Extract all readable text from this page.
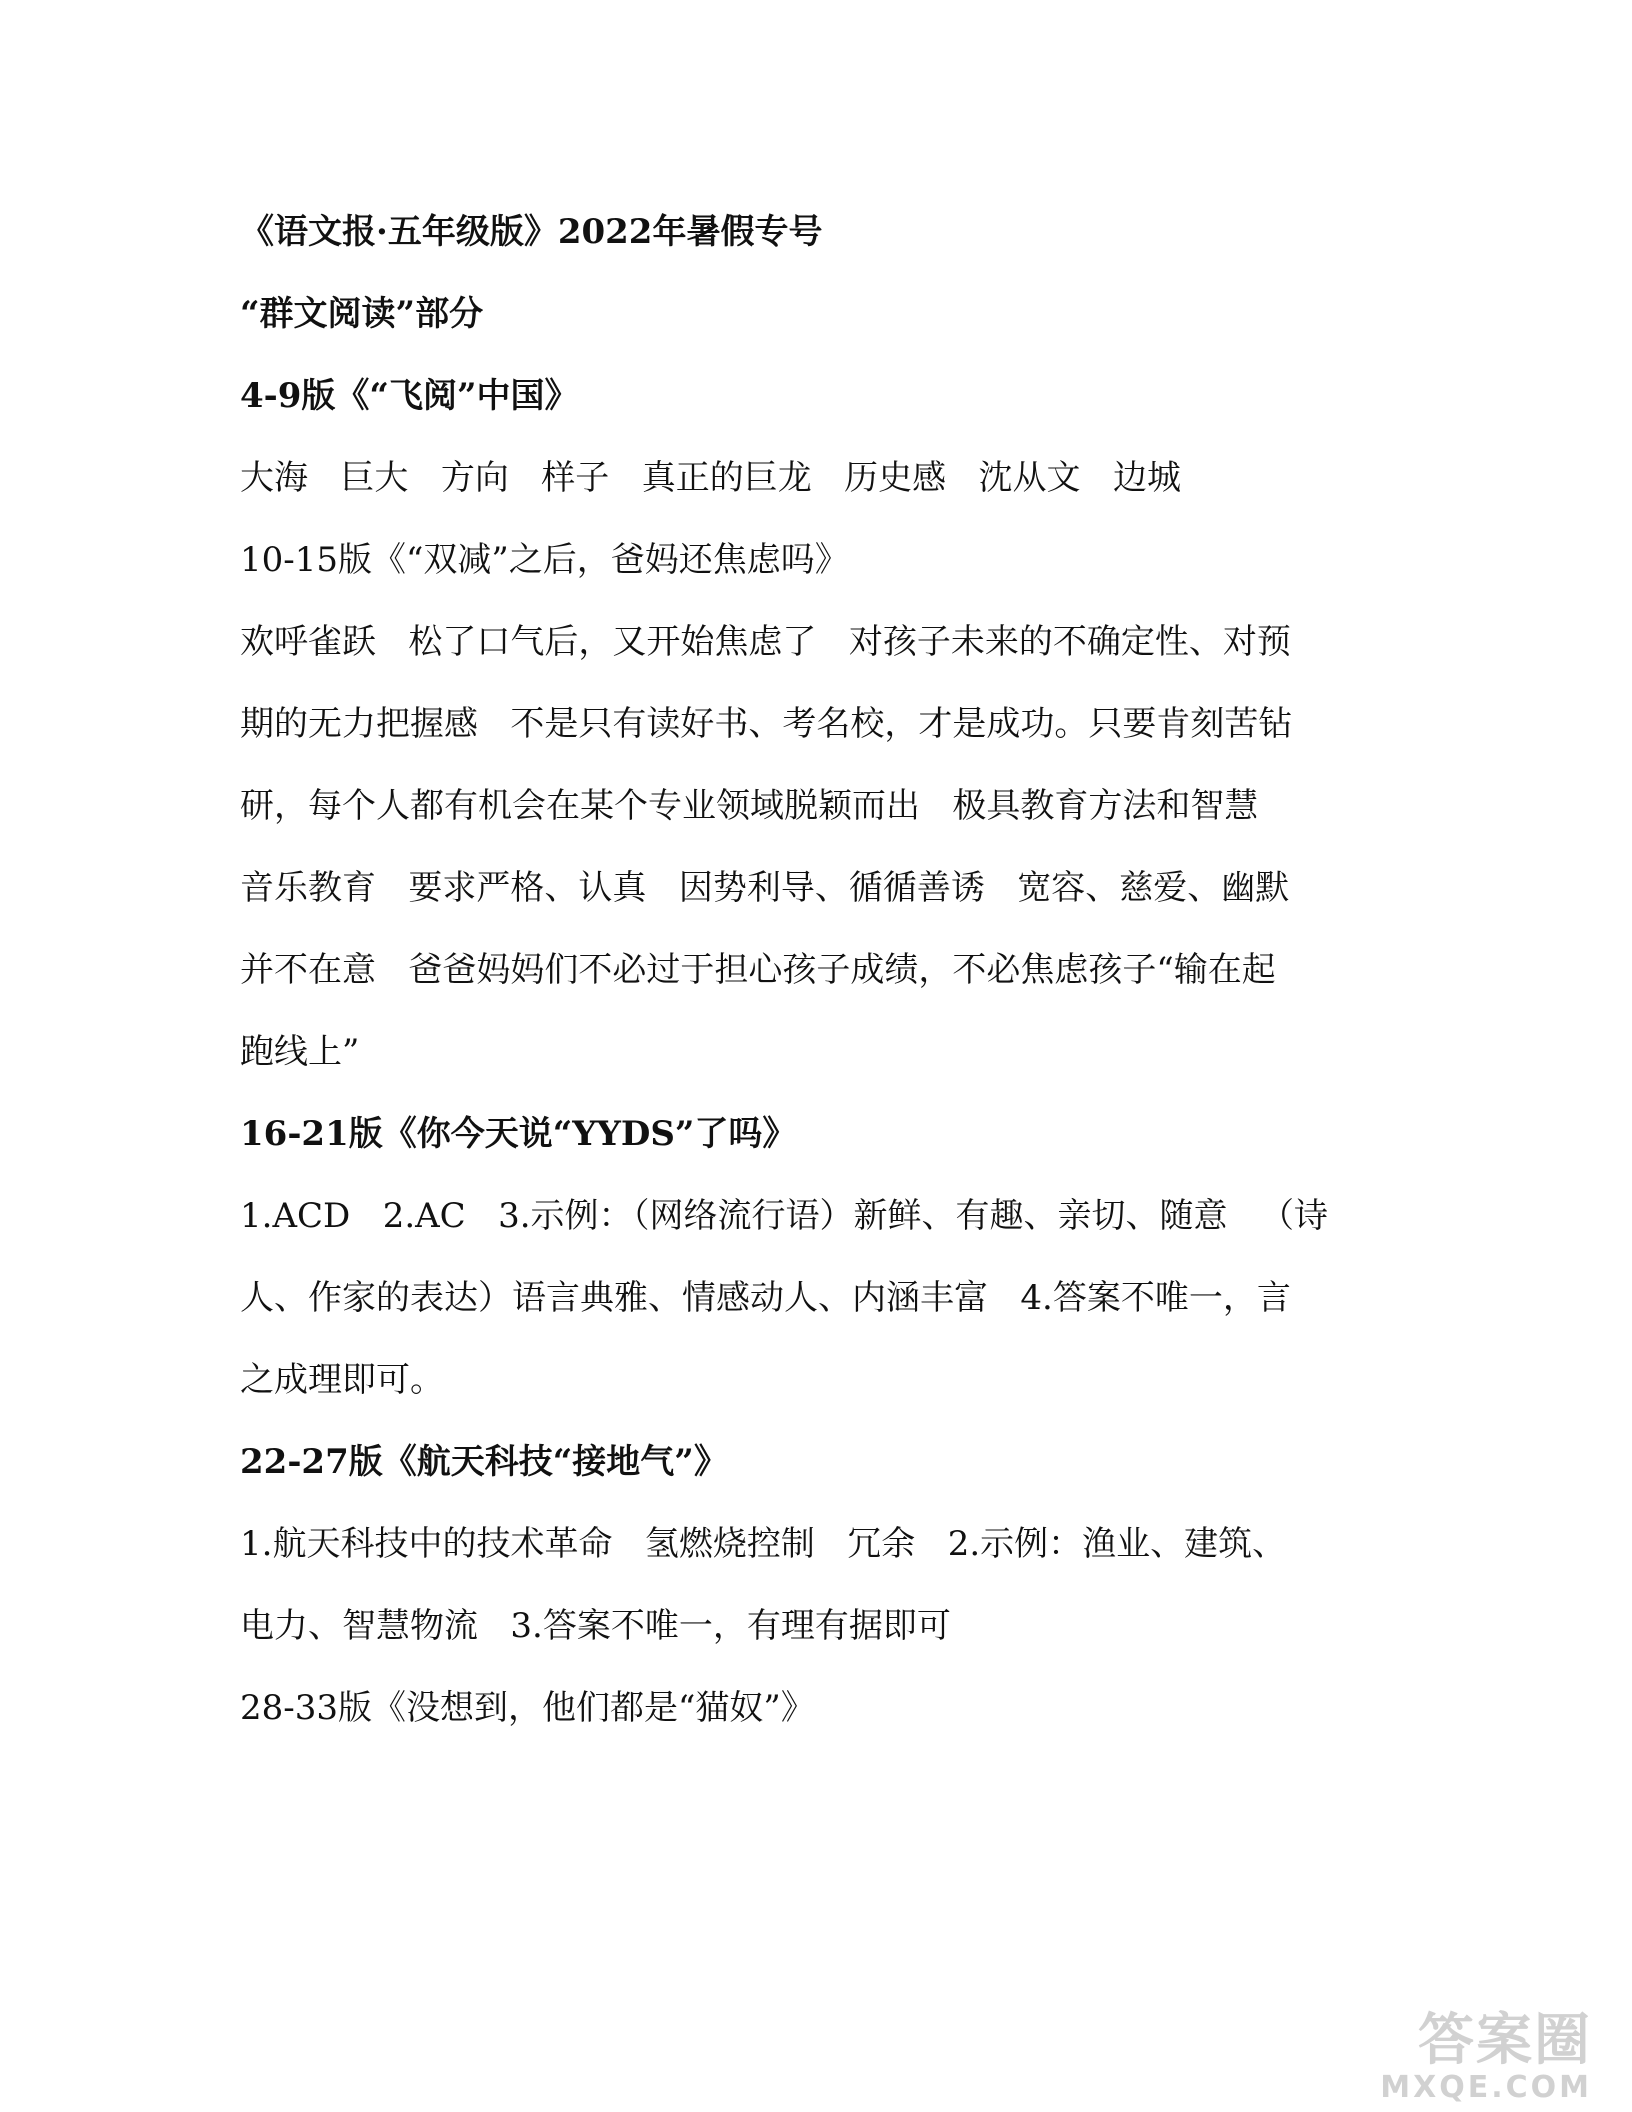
《语文报·五年级版》2022年暑假专号
“群文阅读”部分
4-9版《“飞阅”中国》
大海   巨大   方向   样子   真正的巨龙   历史感   沈从文   边城
10-15版《“双减”之后，爸妈还焦虑吗》
欢呼雀跃   松了口气后，又开始焦虑了   对孩子未来的不确定性、对预
期的无力把握感   不是只有读好书、考名校，才是成功。只要肯刻苦钻
研，每个人都有机会在某个专业领域脱颖而出   极具教育方法和智慧
音乐教育   要求严格、认真   因势利导、循循善诱   宽容、慈爱、幽默
并不在意   爸爸妈妈们不必过于担心孩子成绩，不必焦虑孩子“输在起
跑线上”
16-21版《你今天说“YYDS”了吗》
1.ACD   2.AC   3.示例：（网络流行语）新鲜、有趣、亲切、随意   （诗
人、作家的表达）语言典雅、情感动人、内涵丰富   4.答案不唯一，言
之成理即可。
22-27版《航天科技“接地气”》
1.航天科技中的技术革命   氢燃烧控制   冗余   2.示例：渔业、建筑、
电力、智慧物流   3.答案不唯一，有理有据即可
28-33版《没想到，他们都是“猫奴”》
答案圈
MXQE.COM
